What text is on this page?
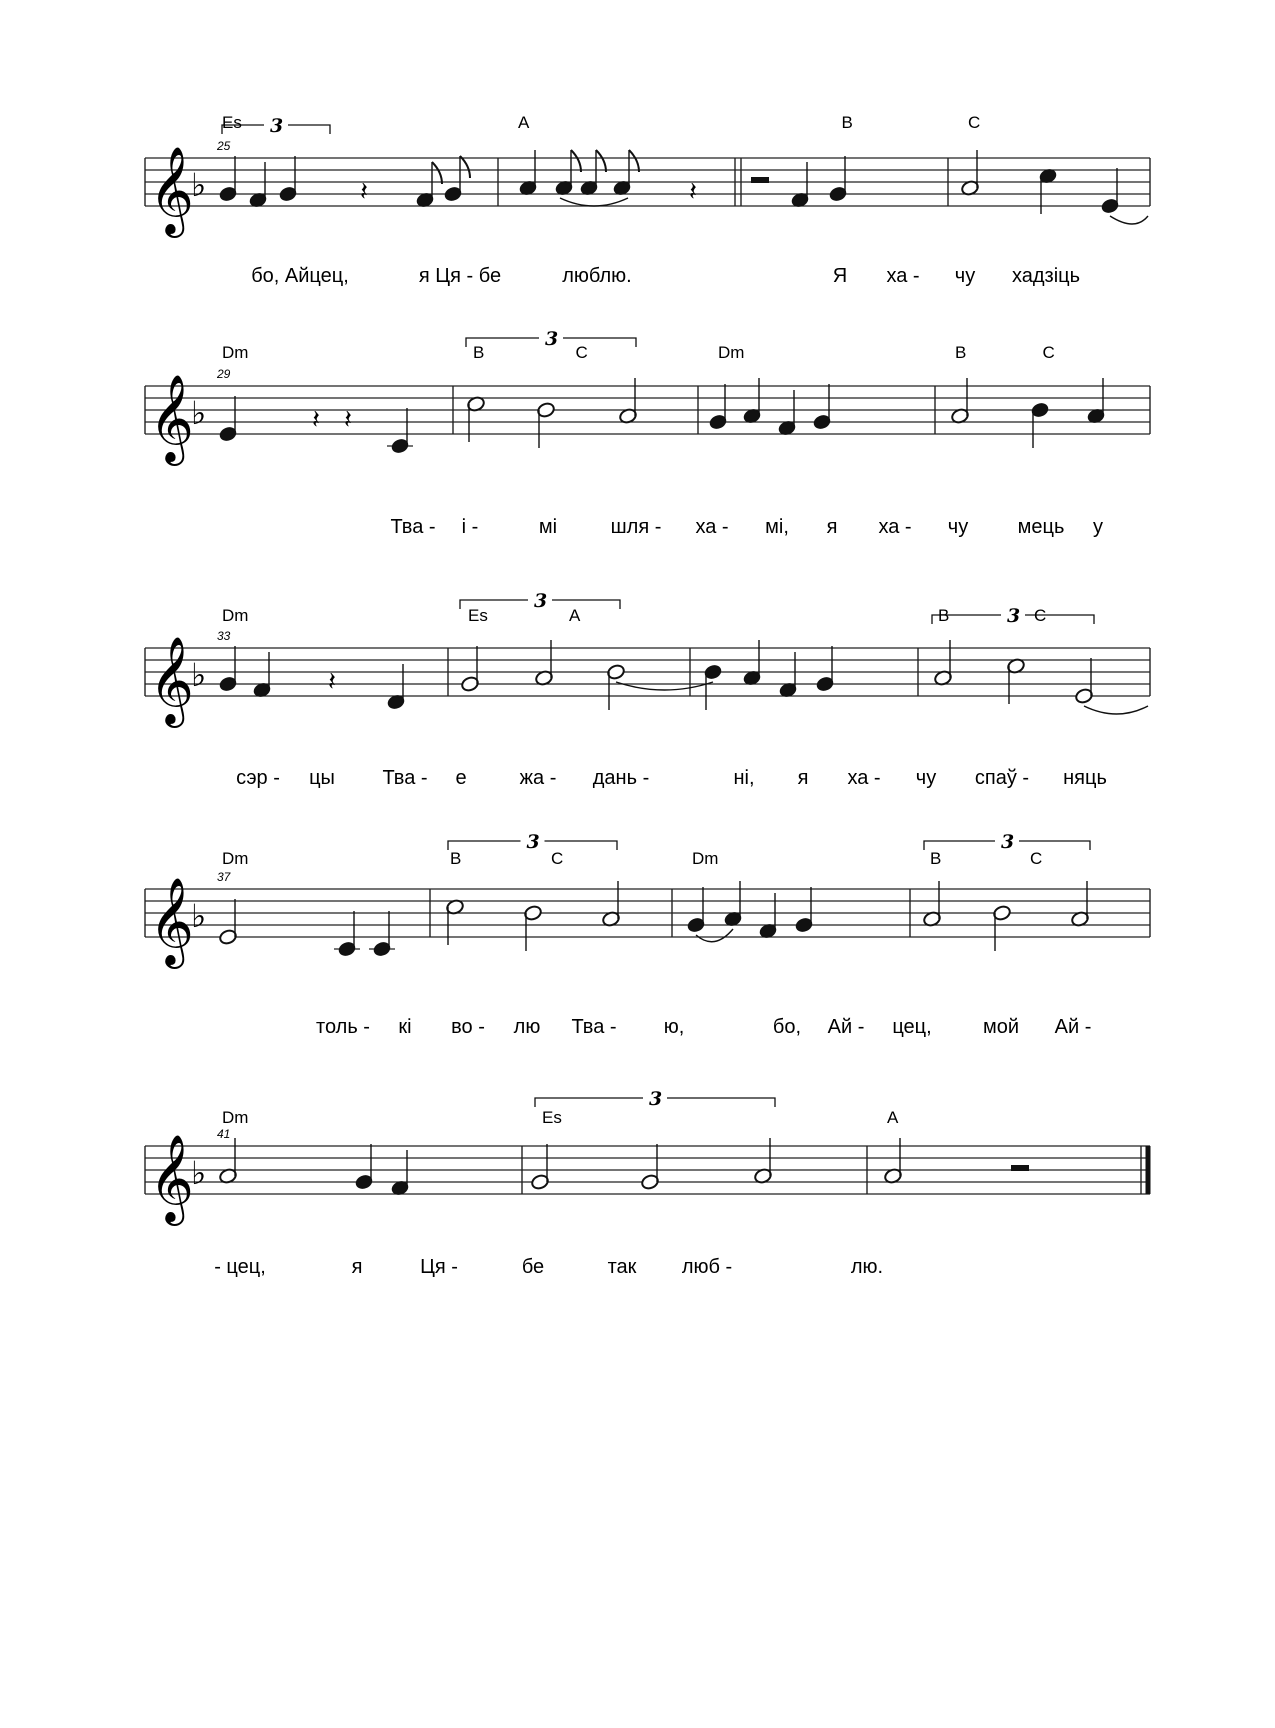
𝄞
♭
25
𝄽	𝄽
3
Es	A	B	C
бо, Айцец,	я Ця - бе	люблю.	Я ха - чу хадзіць
𝄞
♭
29
𝄽 𝄽
3
Dm	B	C	Dm	B	C
Тва - і -	мі	шля - ха - мі, я ха - чу мець у
𝄞
♭
33
𝄽
3
3
Dm	Es	A	B	C
сэр - цы Тва - е	жа - дань -	ні, я ха - чу спаў - няць
𝄞
♭
37
3	3
Dm	B	C	Dm	B	C
толь - кі во - лю Тва - ю,	бо, Ай - цец,	мой Ай -
𝄞
♭
41
3
Dm	Es	A
- цец,	я	Ця -	бе	так люб -	лю.
